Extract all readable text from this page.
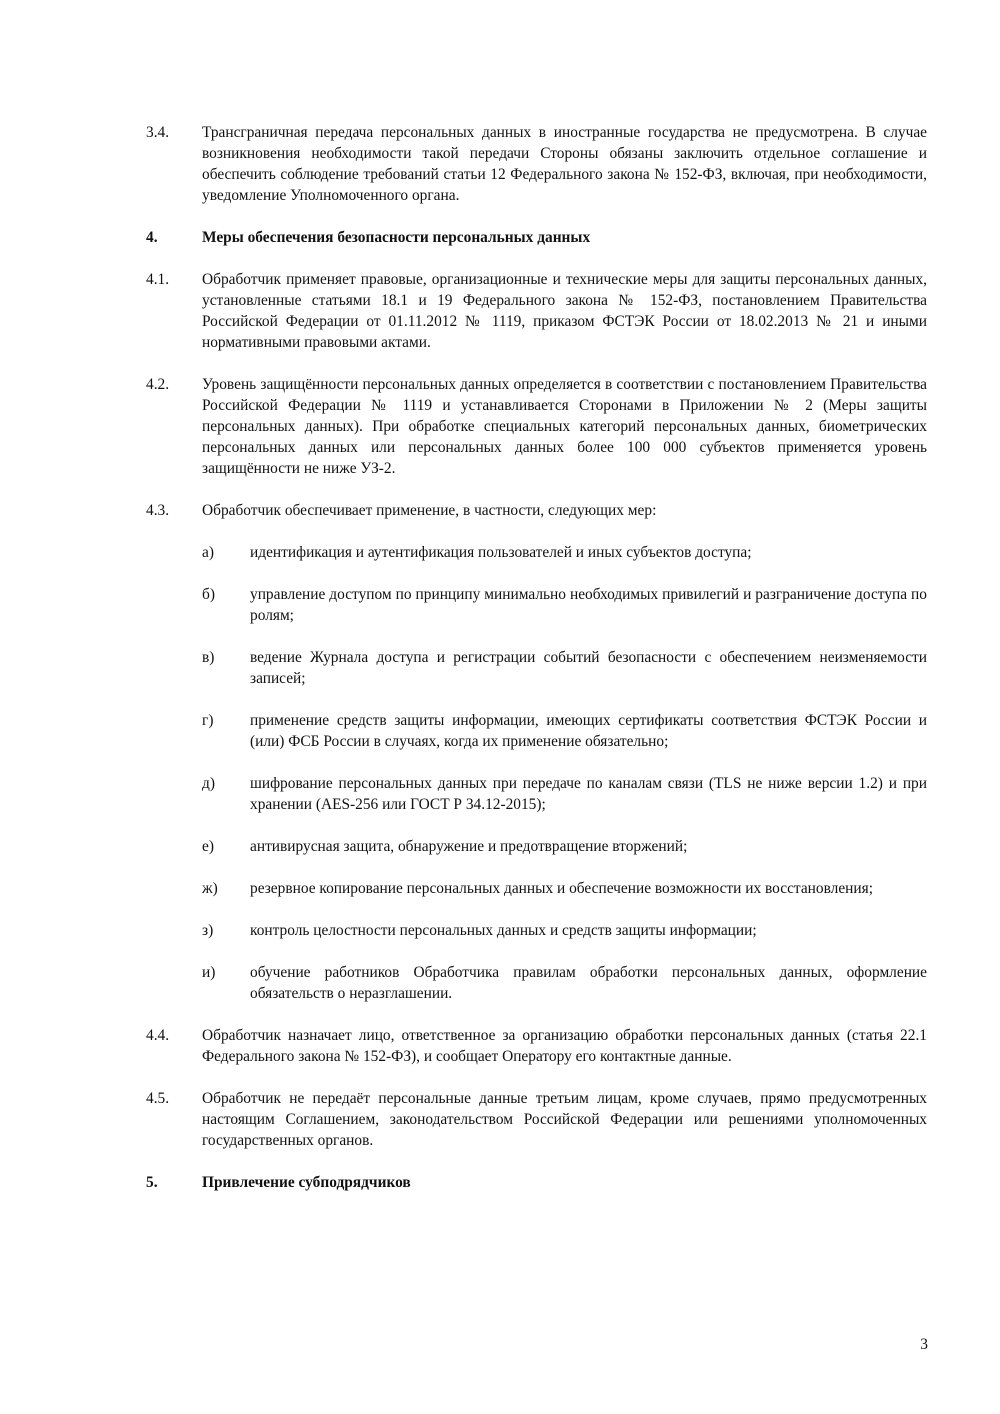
3.4. Трансграничная передача персональных данных в иностранные государства не предусмотрена. В случае возникновения необходимости такой передачи Стороны обязаны заключить отдельное соглашение и обеспечить соблюдение требований статьи 12 Федерального закона № 152-ФЗ, включая, при необходимости, уведомление Уполномоченного органа.
4.	Меры обеспечения безопасности персональных данных
4.1. Обработчик применяет правовые, организационные и технические меры для защиты персональных данных, установленные статьями 18.1 и 19 Федерального закона № 152-ФЗ, постановлением Правительства Российской Федерации от 01.11.2012 № 1119, приказом ФСТЭК России от 18.02.2013 № 21 и иными нормативными правовыми актами.
4.2. Уровень защищённости персональных данных определяется в соответствии с постановлением Правительства Российской Федерации № 1119 и устанавливается Сторонами в Приложении № 2 (Меры защиты персональных данных). При обработке специальных категорий персональных данных, биометрических персональных данных или персональных данных более 100 000 субъектов применяется уровень защищённости не ниже УЗ-2.
4.3. Обработчик обеспечивает применение, в частности, следующих мер:
а) идентификация и аутентификация пользователей и иных субъектов доступа;
б) управление доступом по принципу минимально необходимых привилегий и разграничение доступа по ролям;
в) ведение Журнала доступа и регистрации событий безопасности с обеспечением неизменяемости записей;
г) применение средств защиты информации, имеющих сертификаты соответствия ФСТЭК России и (или) ФСБ России в случаях, когда их применение обязательно;
д) шифрование персональных данных при передаче по каналам связи (TLS не ниже версии 1.2) и при хранении (AES-256 или ГОСТ Р 34.12-2015);
е) антивирусная защита, обнаружение и предотвращение вторжений;
ж) резервное копирование персональных данных и обеспечение возможности их восстановления;
з) контроль целостности персональных данных и средств защиты информации;
и) обучение работников Обработчика правилам обработки персональных данных, оформление обязательств о неразглашении.
4.4. Обработчик назначает лицо, ответственное за организацию обработки персональных данных (статья 22.1 Федерального закона № 152-ФЗ), и сообщает Оператору его контактные данные.
4.5. Обработчик не передаёт персональные данные третьим лицам, кроме случаев, прямо предусмотренных настоящим Соглашением, законодательством Российской Федерации или решениями уполномоченных государственных органов.
5.	Привлечение субподрядчиков
3
